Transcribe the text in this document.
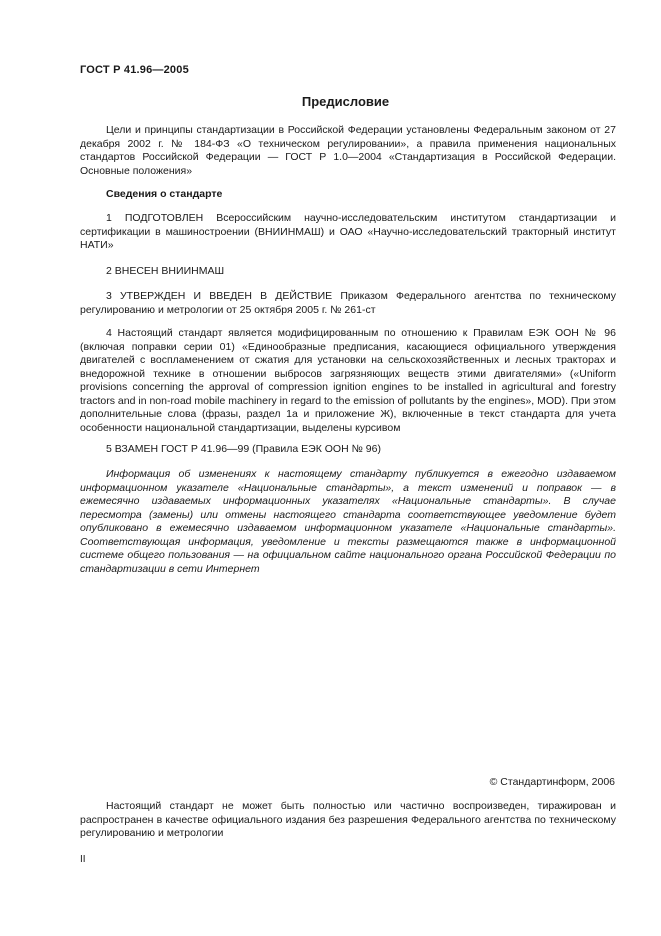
ГОСТ Р 41.96—2005
Предисловие

Цели и принципы стандартизации в Российской Федерации установлены Федеральным законом от 27 декабря 2002 г. № 184-ФЗ «О техническом регулировании», а правила применения национальных стандартов Российской Федерации — ГОСТ Р 1.0—2004 «Стандартизация в Российской Федерации. Основные положения»

Сведения о стандарте

1 ПОДГОТОВЛЕН Всероссийским научно-исследовательским институтом стандартизации и сертификации в машиностроении (ВНИИНМАШ) и ОАО «Научно-исследовательский тракторный институт НАТИ»

2 ВНЕСЕН ВНИИНМАШ

3 УТВЕРЖДЕН И ВВЕДЕН В ДЕЙСТВИЕ Приказом Федерального агентства по техническому регулированию и метрологии от 25 октября 2005 г. № 261-ст

4 Настоящий стандарт является модифицированным по отношению к Правилам ЕЭК ООН № 96 (включая поправки серии 01) «Единообразные предписания, касающиеся официального утверждения двигателей с воспламенением от сжатия для установки на сельскохозяйственных и лесных тракторах и внедорожной технике в отношении выбросов загрязняющих веществ этими двигателями» («Uniform provisions concerning the approval of compression ignition engines to be installed in agricultural and forestry tractors and in non-road mobile machinery in regard to the emission of pollutants by the engines», MOD). При этом дополнительные слова (фразы, раздел 1а и приложение Ж), включенные в текст стандарта для учета особенности национальной стандартизации, выделены курсивом

5 ВЗАМЕН ГОСТ Р 41.96—99 (Правила ЕЭК ООН № 96)

Информация об изменениях к настоящему стандарту публикуется в ежегодно издаваемом информационном указателе «Национальные стандарты», а текст изменений и поправок — в ежемесячно издаваемых информационных указателях «Национальные стандарты». В случае пересмотра (замены) или отмены настоящего стандарта соответствующее уведомление будет опубликовано в ежемесячно издаваемом информационном указателе «Национальные стандарты». Соответствующая информация, уведомление и тексты размещаются также в информационной системе общего пользования — на официальном сайте национального органа Российской Федерации по стандартизации в сети Интернет

© Стандартинформ, 2006

Настоящий стандарт не может быть полностью или частично воспроизведен, тиражирован и распространен в качестве официального издания без разрешения Федерального агентства по техническому регулированию и метрологии

II
